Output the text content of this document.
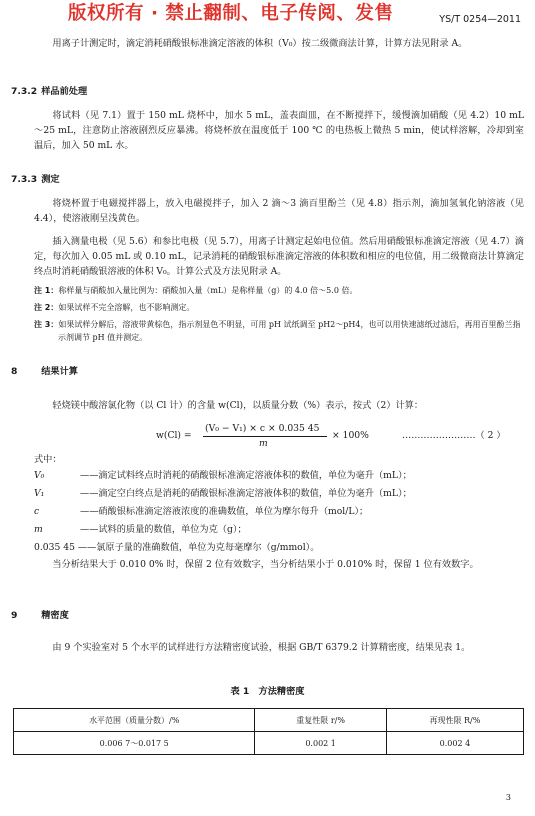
版权所有 · 禁止翻制、电子传阅、发售	YS/T 0254—2011
用离子计测定时，滴定消耗硝酸银标准滴定溶液的体积（V₀）按二级微商法计算，计算方法见附录 A。
7.3.2 样品前处理
将试料（见 7.1）置于 150 mL 烧杯中，加水 5 mL，盖表面皿，在不断搅拌下，缓慢滴加硝酸（见 4.2）10 mL～25 mL，注意防止溶液剧烈反应暴沸。将烧杯放在温度低于 100 ℃ 的电热板上微热 5 min，使试样溶解，冷却到室温后，加入 50 mL 水。
7.3.3 测定
将烧杯置于电磁搅拌器上，放入电磁搅拌子，加入 2 滴～3 滴百里酚兰（见 4.8）指示剂，滴加氢氧化钠溶液（见 4.4），使溶液刚呈浅黄色。
插入测量电极（见 5.6）和参比电极（见 5.7），用离子计测定起始电位值。然后用硝酸银标准滴定溶液（见 4.7）滴定，每次加入 0.05 mL 或 0.10 mL，记录消耗的硝酸银标准滴定溶液的体积数和相应的电位值，用二级微商法计算滴定终点时消耗硝酸银溶液的体积 V₀。计算公式及方法见附录 A。
注 1：称样量与硝酸加入量比例为：硝酸加入量（mL）是称样量（g）的 4.0 倍～5.0 倍。
注 2：如果试样不完全溶解，也不影响测定。
注 3：如果试样分解后，溶液带黄棕色，指示剂显色不明显，可用 pH 试纸调至 pH2～pH4，也可以用快速滤纸过滤后，再用百里酚兰指示剂调节 pH 值并测定。
8	结果计算
轻烧镁中酸溶氯化物（以 Cl 计）的含量 w(Cl)，以质量分数（%）表示，按式（2）计算：
w(Cl) =
(V₀ − V₁) × c × 0.035 45
m
× 100%	……………………（ 2 ）
式中：
V₀	——滴定试料终点时消耗的硝酸银标准滴定溶液体积的数值，单位为毫升（mL）；
V₁	——滴定空白终点是消耗的硝酸银标准滴定溶液体积的数值，单位为毫升（mL）；
c	——硝酸银标准滴定溶液浓度的准确数值，单位为摩尔每升（mol/L）；
m	——试料的质量的数值，单位为克（g）；
0.035 45 ——氯原子量的准确数值，单位为克每毫摩尔（g/mmol）。
当分析结果大于 0.010 0% 时，保留 2 位有效数字，当分析结果小于 0.010% 时，保留 1 位有效数字。
9	精密度
由 9 个实验室对 5 个水平的试样进行方法精密度试验，根据 GB/T 6379.2 计算精密度，结果见表 1。
表 1　方法精密度
水平范围（质量分数）/%	重复性限 r/%	再现性限 R/%
0.006 7～0.017 5	0.002 1	0.002 4
3
